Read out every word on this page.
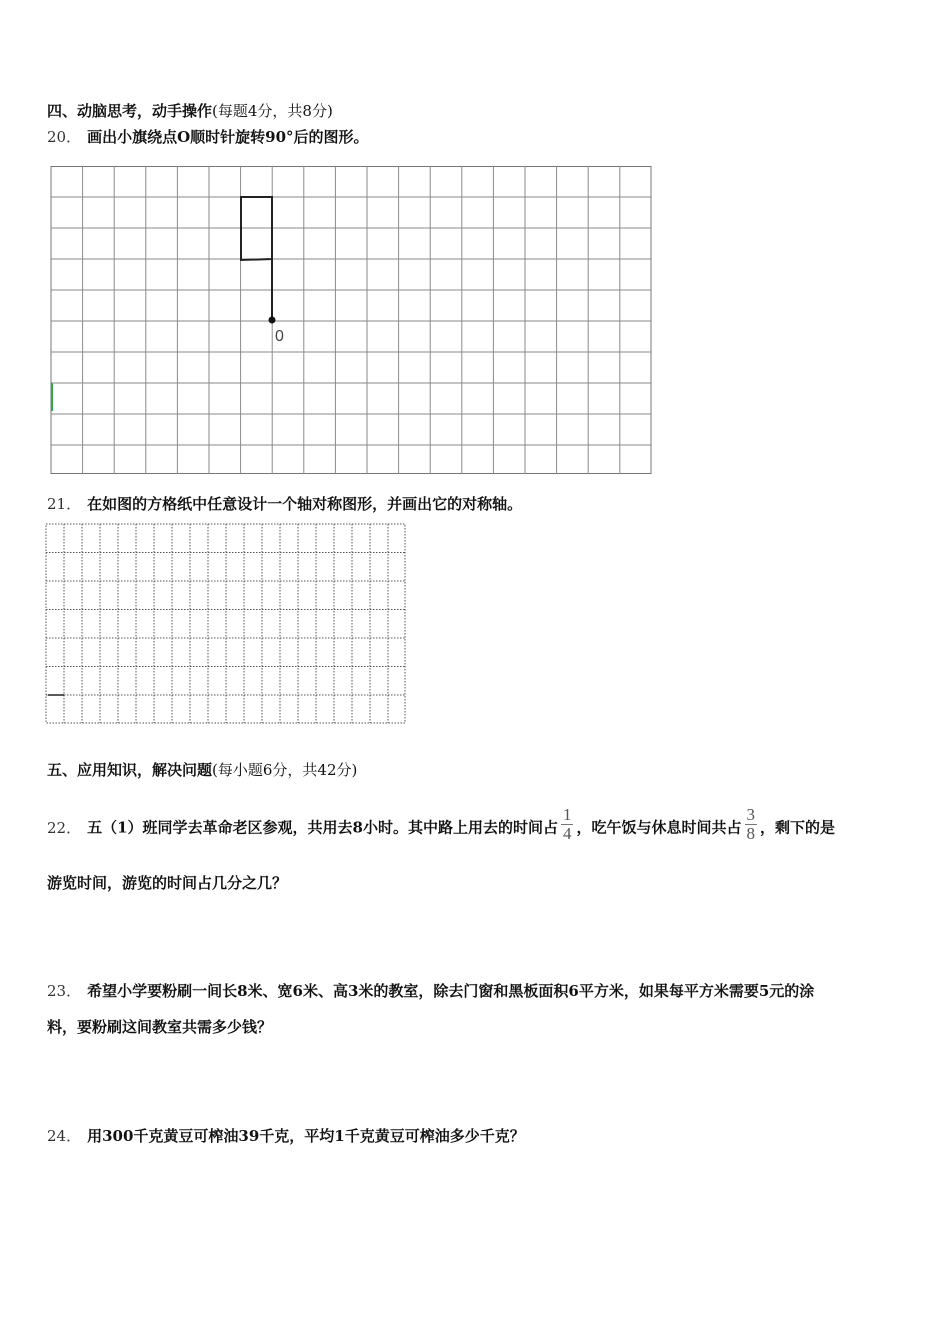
四、动脑思考，动手操作(每题4分，共8分)
20． 画出小旗绕点O顺时针旋转90°后的图形。
0
21． 在如图的方格纸中任意设计一个轴对称图形，并画出它的对称轴。
五、应用知识，解决问题(每小题6分，共42分)
22． 五（1）班同学去革命老区参观，共用去8小时。其中路上用去的时间占 $\frac{1}{4}$ ，吃午饭与休息时间共占 $\frac{3}{8}$ ，剩下的是
游览时间，游览的时间占几分之几？
23． 希望小学要粉刷一间长8米、宽6米、高3米的教室，除去门窗和黑板面积6平方米，如果每平方米需要5元的涂
料，要粉刷这间教室共需多少钱？
24． 用300千克黄豆可榨油39千克，平均1千克黄豆可榨油多少千克？
